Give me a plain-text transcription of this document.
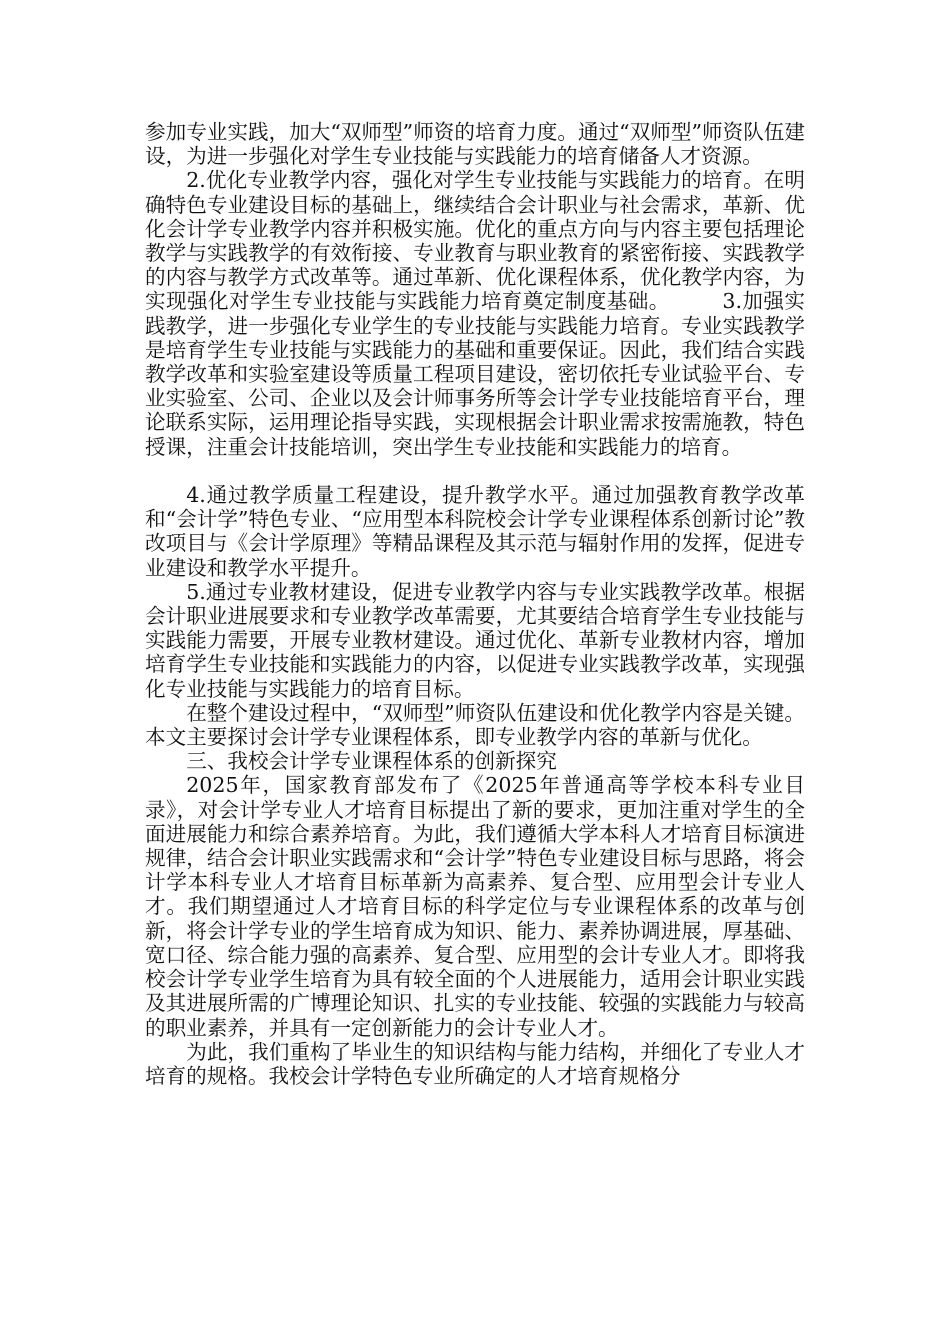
参加专业实践，加大“双师型”师资的培育力度。通过“双师型”师资队伍建设，为进一步强化对学生专业技能与实践能力的培育储备人才资源。

2.优化专业教学内容，强化对学生专业技能与实践能力的培育。在明确特色专业建设目标的基础上，继续结合会计职业与社会需求，革新、优化会计学专业教学内容并积极实施。优化的重点方向与内容主要包括理论教学与实践教学的有效衔接、专业教育与职业教育的紧密衔接、实践教学的内容与教学方式改革等。通过革新、优化课程体系，优化教学内容，为实现强化对学生专业技能与实践能力培育奠定制度基础。　　　3.加强实践教学，进一步强化专业学生的专业技能与实践能力培育。专业实践教学是培育学生专业技能与实践能力的基础和重要保证。因此，我们结合实践教学改革和实验室建设等质量工程项目建设，密切依托专业试验平台、专业实验室、公司、企业以及会计师事务所等会计学专业技能培育平台，理论联系实际，运用理论指导实践，实现根据会计职业需求按需施教，特色授课，注重会计技能培训，突出学生专业技能和实践能力的培育。

4.通过教学质量工程建设，提升教学水平。通过加强教育教学改革和“会计学”特色专业、“应用型本科院校会计学专业课程体系创新讨论”教改项目与《会计学原理》等精品课程及其示范与辐射作用的发挥，促进专业建设和教学水平提升。

5.通过专业教材建设，促进专业教学内容与专业实践教学改革。根据会计职业进展要求和专业教学改革需要，尤其要结合培育学生专业技能与实践能力需要，开展专业教材建设。通过优化、革新专业教材内容，增加培育学生专业技能和实践能力的内容，以促进专业实践教学改革，实现强化专业技能与实践能力的培育目标。

在整个建设过程中，“双师型”师资队伍建设和优化教学内容是关键。本文主要探讨会计学专业课程体系，即专业教学内容的革新与优化。

三、我校会计学专业课程体系的创新探究

2025年，国家教育部发布了《2025年普通高等学校本科专业目录》，对会计学专业人才培育目标提出了新的要求，更加注重对学生的全面进展能力和综合素养培育。为此，我们遵循大学本科人才培育目标演进规律，结合会计职业实践需求和“会计学”特色专业建设目标与思路，将会计学本科专业人才培育目标革新为高素养、复合型、应用型会计专业人才。我们期望通过人才培育目标的科学定位与专业课程体系的改革与创新，将会计学专业的学生培育成为知识、能力、素养协调进展，厚基础、宽口径、综合能力强的高素养、复合型、应用型的会计专业人才。即将我校会计学专业学生培育为具有较全面的个人进展能力，适用会计职业实践及其进展所需的广博理论知识、扎实的专业技能、较强的实践能力与较高的职业素养，并具有一定创新能力的会计专业人才。

为此，我们重构了毕业生的知识结构与能力结构，并细化了专业人才培育的规格。我校会计学特色专业所确定的人才培育规格分
